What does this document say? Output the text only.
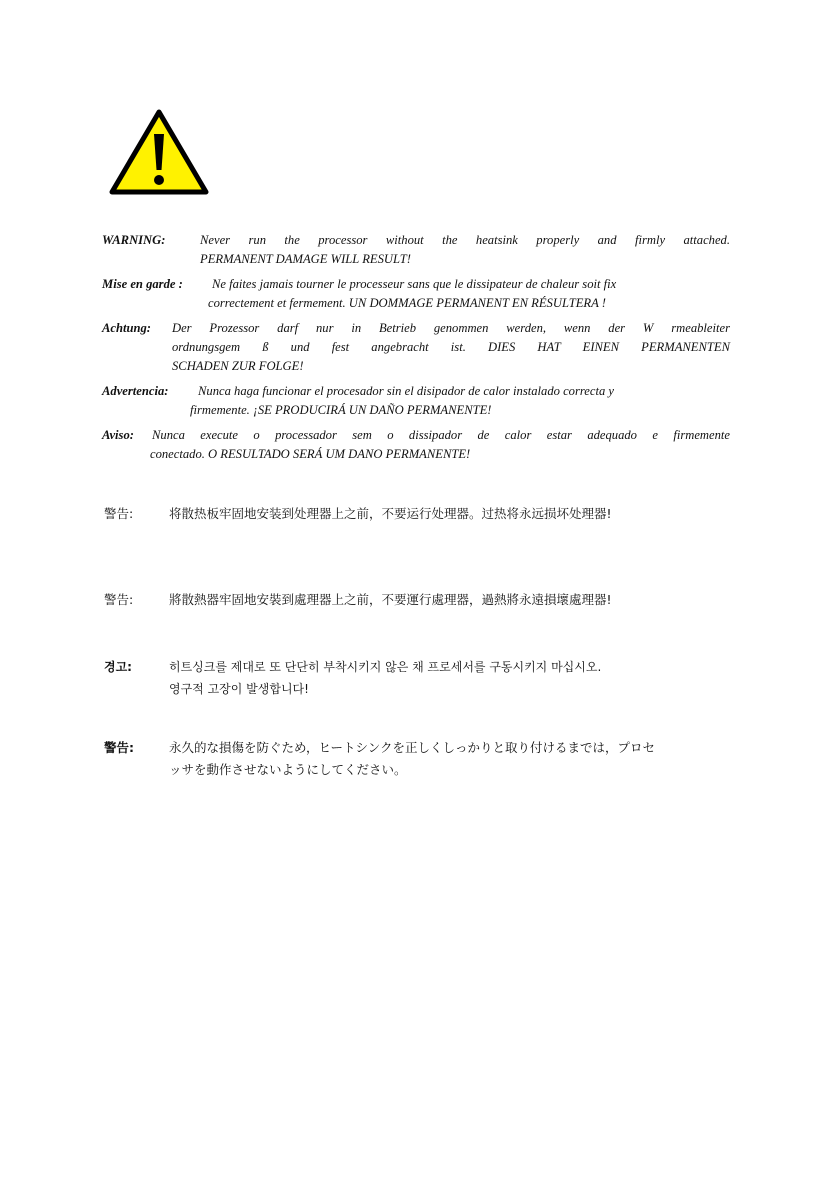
WARNING:	Never run the processor without the heatsink properly and firmly attached.
PERMANENT DAMAGE WILL RESULT!
Mise en garde :	Ne faites jamais tourner le processeur sans que le dissipateur de chaleur soit fix
correctement et fermement. UN DOMMAGE PERMANENT EN RÉSULTERA !
Achtung:	Der Prozessor darf nur in Betrieb genommen werden, wenn der W rmeableiter
ordnungsgem ß und fest angebracht ist. DIES HAT EINEN PERMANENTEN
SCHADEN ZUR FOLGE!
Advertencia:	Nunca haga funcionar el procesador sin el disipador de calor instalado correcta y
firmemente. ¡SE PRODUCIRÁ UN DAÑO PERMANENTE!
Aviso:	Nunca execute o processador sem o dissipador de calor estar adequado e firmemente
conectado. O RESULTADO SERÁ UM DANO PERMANENTE!
警告:	将散热板牢固地安装到处理器上之前，不要运行处理器。过热将永远损坏处理器!
警告:	將散熱器牢固地安裝到處理器上之前，不要運行處理器，過熱將永遠損壞處理器!
경고:	히트싱크를 제대로 또 단단히 부착시키지 않은 채 프로세서를 구동시키지 마십시오.
영구적 고장이 발생합니다!
警告:	永久的な損傷を防ぐため，ヒートシンクを正しくしっかりと取り付けるまでは，プロセ
ッサを動作させないようにしてください。
